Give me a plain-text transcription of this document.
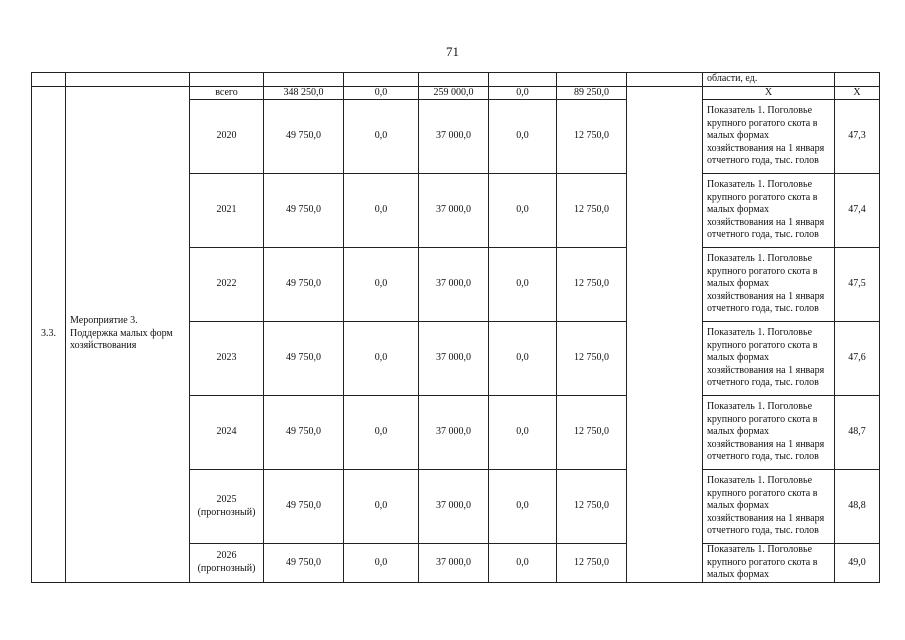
71
									области, ед.	
3.3.	Мероприятие 3. Поддержка малых форм хозяйствования	всего	348 250,0	0,0	259 000,0	0,0	89 250,0		Х	Х
		2020	49 750,0	0,0	37 000,0	0,0	12 750,0		Показатель 1. Поголовье крупного рогатого скота в малых формах хозяйствования на 1 января отчетного года, тыс. голов	47,3
		2021	49 750,0	0,0	37 000,0	0,0	12 750,0		Показатель 1. Поголовье крупного рогатого скота в малых формах хозяйствования на 1 января отчетного года, тыс. голов	47,4
		2022	49 750,0	0,0	37 000,0	0,0	12 750,0		Показатель 1. Поголовье крупного рогатого скота в малых формах хозяйствования на 1 января отчетного года, тыс. голов	47,5
		2023	49 750,0	0,0	37 000,0	0,0	12 750,0		Показатель 1. Поголовье крупного рогатого скота в малых формах хозяйствования на 1 января отчетного года, тыс. голов	47,6
		2024	49 750,0	0,0	37 000,0	0,0	12 750,0		Показатель 1. Поголовье крупного рогатого скота в малых формах хозяйствования на 1 января отчетного года, тыс. голов	48,7
		2025
(прогнозный)	49 750,0	0,0	37 000,0	0,0	12 750,0		Показатель 1. Поголовье крупного рогатого скота в малых формах хозяйствования на 1 января отчетного года, тыс. голов	48,8
		2026
(прогнозный)	49 750,0	0,0	37 000,0	0,0	12 750,0		Показатель 1. Поголовье крупного рогатого скота в малых формах	49,0
